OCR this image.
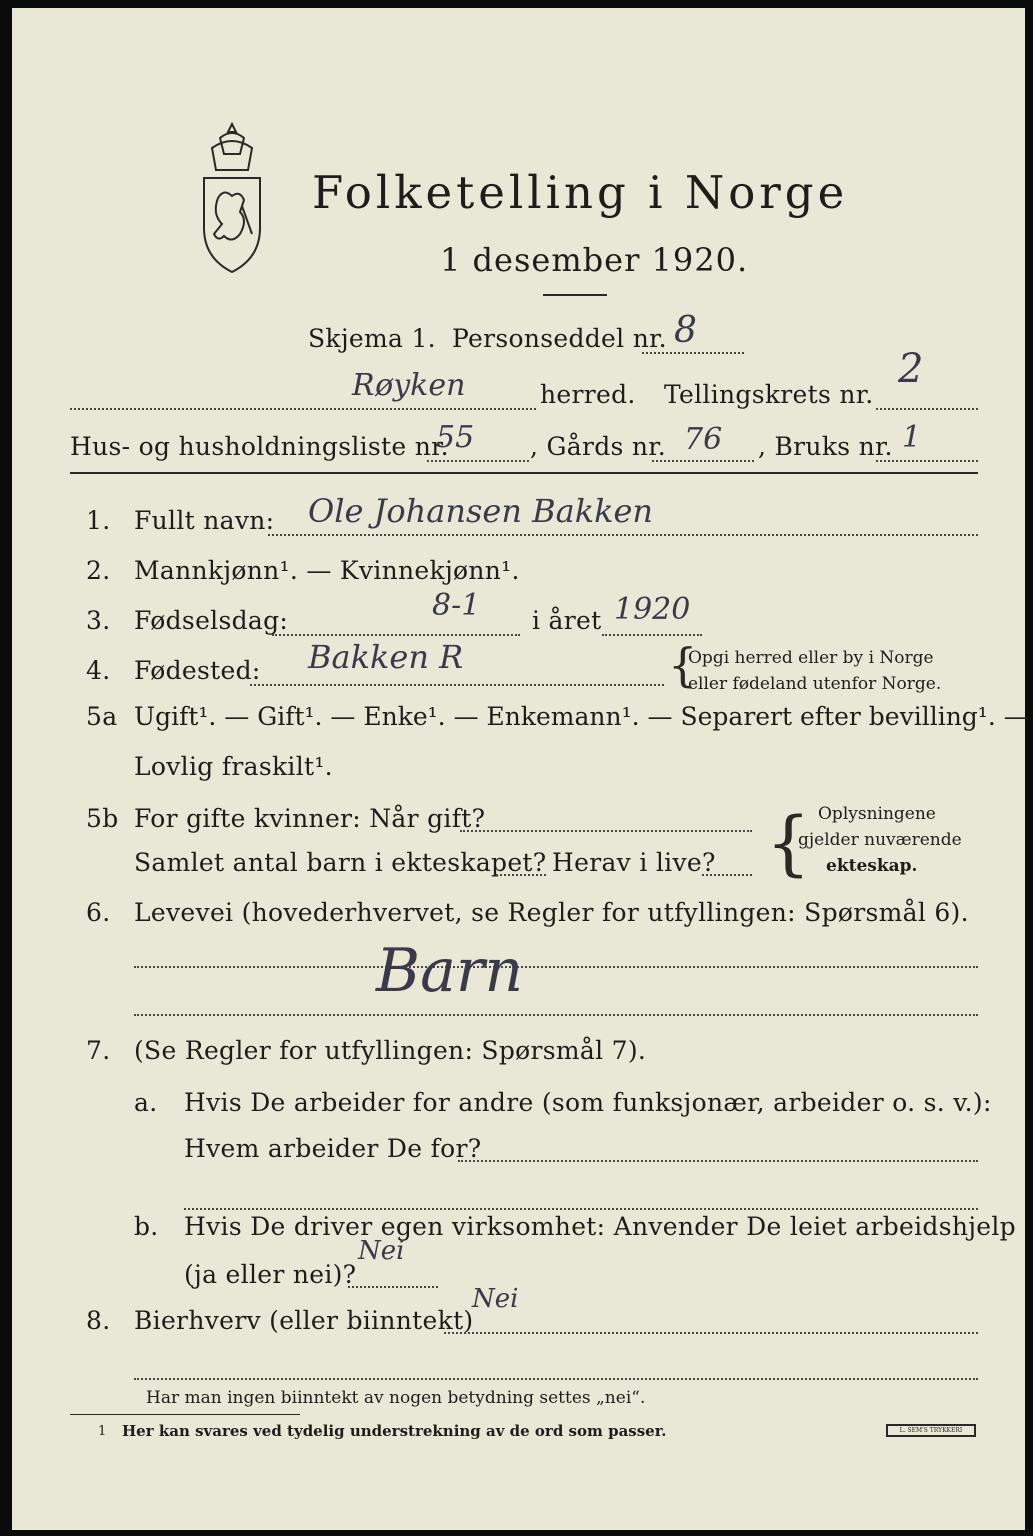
Folketelling i Norge
1 desember 1920.
Skjema 1. Personseddel nr. 8
Røyken	herred. Tellingskrets nr.
2
Hus- og husholdningsliste nr.
55 , Gårds nr. 76 , Bruks nr. 1
1. Fullt navn: Ole Johansen Bakken
2. Mannkjønn¹. — Kvinnekjønn¹.
3. Fødselsdag:	8-1 i året 1920
4. Fødested: Bakken R	{
Opgi herred eller by i Norge
eller fødeland utenfor Norge.
5a Ugift¹. — Gift¹. — Enke¹. — Enkemann¹. — Separert efter bevilling¹. —
Lovlig fraskilt¹.
5b For gifte kvinner: Når gift?
Samlet antal barn i ekteskapet? Herav i live? { Oplysningene
gjelder nuværende
ekteskap.
6. Levevei (hovederhvervet, se Regler for utfyllingen: Spørsmål 6).
Barn
7. (Se Regler for utfyllingen: Spørsmål 7).
a. Hvis De arbeider for andre (som funksjonær, arbeider o. s. v.):
Hvem arbeider De for?
b. Hvis De driver egen virksomhet: Anvender De leiet arbeidshjelp
(ja eller nei)?
Nei
8. Bierhverv (eller biinntekt)
Nei
Har man ingen biinntekt av nogen betydning settes „nei“.
1 Her kan svares ved tydelig understrekning av de ord som passer.	L. SEM'S TRYKKERI
